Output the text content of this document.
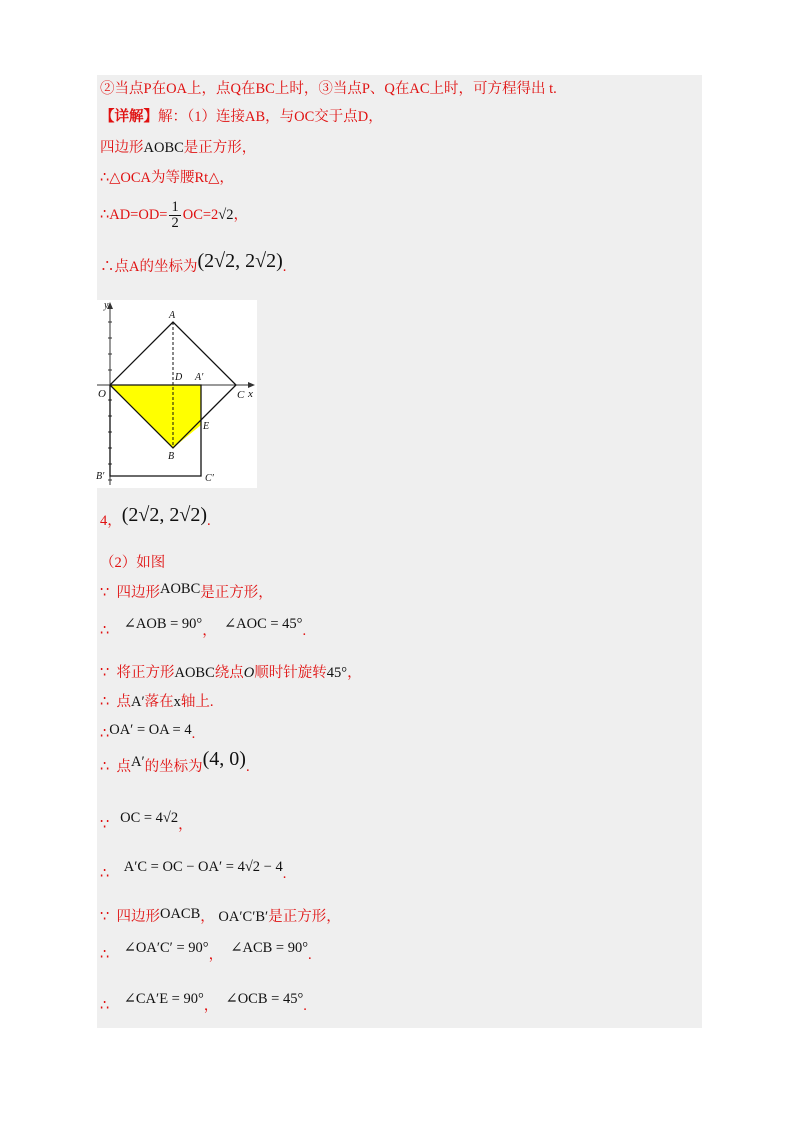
②当点P在OA上，点Q在BC上时，③当点P、Q在AC上时，可方程得出 t.
【详解】解：（1）连接AB，与OC交于点D，
四边形AOBC是正方形，
∴△OCA为等腰Rt△，
∴AD=OD= $\frac{1}{2} OC=2√2$，
∴点A的坐标为(2√2, 2√2).
y
x
A
D A′
O	C
E
B
B′	C′
4，(2√2, 2√2).
（2）如图
∵ 四边形AOBC是正方形，
∴ ∠AOB = 90°， ∠AOC = 45°.
∵ 将正方形AOBC绕点O顺时针旋转45°，
∴ 点A′落在x轴上.
∴OA′ = OA = 4.
∴ 点A′的坐标为(4, 0).
∵ OC = 4√2，
∴ A′C = OC − OA′ = 4√2 − 4.
∵ 四边形OACB， OA′C′B′是正方形，
∴ ∠OA′C′ = 90°， ∠ACB = 90°.
∴ ∠CA′E = 90°， ∠OCB = 45°.
